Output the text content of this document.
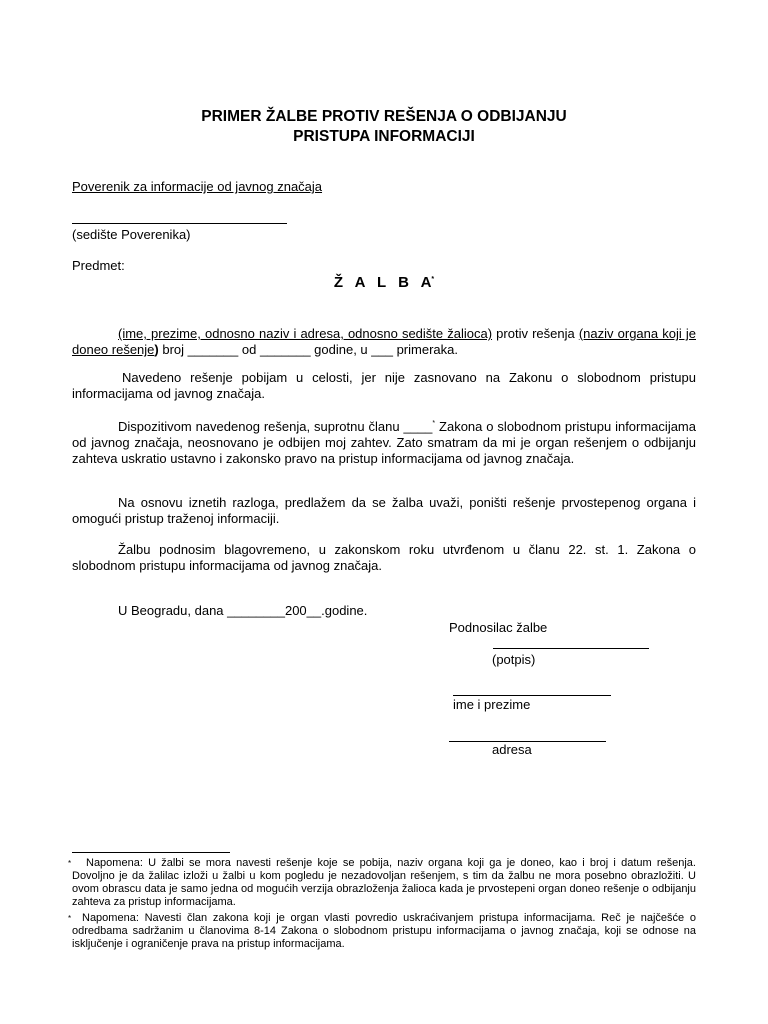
PRIMER ŽALBE PROTIV REŠENJA O ODBIJANJU
PRISTUPA INFORMACIJI
Poverenik za informacije od javnog značaja
(sedište Poverenika)
Predmet:
Ž A L B A*
(ime, prezime, odnosno naziv i adresa, odnosno sedište žalioca) protiv rešenja (naziv organa koji je doneo rešenje) broj _______ od _______ godine, u ___ primeraka.
Navedeno rešenje pobijam u celosti, jer nije zasnovano na Zakonu o slobodnom pristupu informacijama od javnog značaja.
Dispozitivom navedenog rešenja, suprotnu članu ____* Zakona o slobodnom pristupu informacijama od javnog značaja, neosnovano je odbijen moj zahtev. Zato smatram da mi je organ rešenjem o odbijanju zahteva uskratio ustavno i zakonsko pravo na pristup informacijama od javnog značaja.
Na osnovu iznetih razloga, predlažem da se žalba uvaži, poništi rešenje prvostepenog organa i omogući pristup traženoj informaciji.
Žalbu podnosim blagovremeno, u zakonskom roku utvrđenom u članu 22. st. 1. Zakona o slobodnom pristupu informacijama od javnog značaja.
U Beogradu, dana ________200__.godine.
Podnosilac žalbe
(potpis)
ime i prezime
adresa
* Napomena: U žalbi se mora navesti rešenje koje se pobija, naziv organa koji ga je doneo, kao i broj i datum rešenja. Dovoljno je da žalilac izloži u žalbi u kom pogledu je nezadovoljan rešenjem, s tim da žalbu ne mora posebno obrazložiti. U ovom obrascu data je samo jedna od mogućih verzija obrazloženja žalioca kada je prvostepeni organ doneo rešenje o odbijanju zahteva za pristup informacijama.
* Napomena: Navesti član zakona koji je organ vlasti povredio uskraćivanjem pristupa informacijama. Reč je najčešće o odredbama sadržanim u članovima 8-14 Zakona o slobodnom pristupu informacijama o javnog značaja, koji se odnose na isključenje i ograničenje prava na pristup informacijama.
